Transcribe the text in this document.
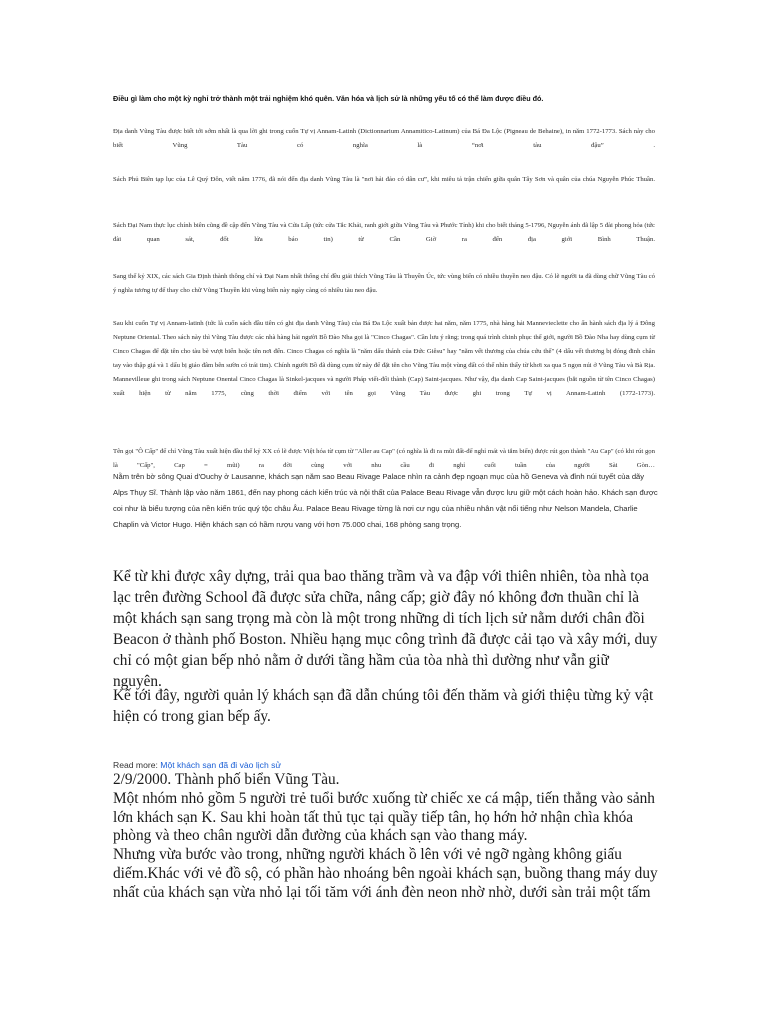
Điều gì làm cho một kỳ nghỉ trở thành một trải nghiệm khó quên. Văn hóa và lịch sử là những yếu tố có thể làm được điều đó.

Địa danh Vũng Tàu được biết tới sớm nhất là qua lời ghi trong cuốn Tự vị Annam-Latinh (Dictionnarium Annamitico-Latinum) của Bá Đa Lộc (Pigneau de Behaine), in năm 1772-1773. Sách này cho biết Vũng Tàu có nghĩa là “nơi tàu đậu” .

Sách Phủ Biên tạp lục của Lê Quý Đôn, viết năm 1776, đã nói đến địa danh Vũng Tàu là "nơi hải đảo có dân cư", khi miêu tả trận chiến giữa quân Tây Sơn và quân của chúa Nguyễn Phúc Thuần.

Sách Đại Nam thực lục chính biên cũng đề cập đến Vũng Tàu và Cửa Lấp (tức cửa Tắc Khải, ranh giới giữa Vũng Tàu và Phước Tỉnh) khi cho biết tháng 5-1796, Nguyễn ánh đã lập 5 đài phong hỏa (tức đài quan sát, đốt lửa báo tin) từ Cần Giờ ra đến địa giới Bình Thuận.

Sang thế kỷ XIX, các sách Gia Định thành thông chí và Đại Nam nhất thống chí đều giải thích Vũng Tàu là Thuyền Úc, tức vùng biển có nhiều thuyền neo đậu. Có lẽ người ta đã dùng chữ Vũng Tàu có ý nghĩa tương tự để thay cho chữ Vũng Thuyền khi vùng biển này ngày càng có nhiều tàu neo đậu.

Sau khi cuốn Tự vị Annam-latinh (tức là cuốn sách đầu tiên có ghi địa danh Vũng Tàu) của Bá Đa Lộc xuất bản được hai năm, năm 1775, nhà hàng hải Mannevieclette cho ấn hành sách địa lý ả Đông Neptune Oriental. Theo sách này thì Vũng Tàu được các nhà hàng hải người Bồ Đào Nha gọi là "Cinco Chagas". Cần lưu ý rằng; trong quá trình chinh phục thế giới, người Bồ Đào Nha hay dùng cụm từ Cinco Chagas để đặt tên cho tàu bè vượt biển hoặc tên nơi đến. Cinco Chagas có nghĩa là "năm dấu thánh của Đức Giêsu" hay "năm vết thương của chúa cứu thế" (4 dấu vết thương bị đóng đinh chân tay vào thập giá và 1 dấu bị giáo đâm bên sườn có trái tim). Chính người Bồ đã dùng cụm từ này để đặt tên cho Vũng Tàu một vùng đất có thể nhìn thấy từ khơi xa qua 5 ngọn núi ở Vũng Tàu và Bà Rịa. Mannevilleue ghi trong sách Neptune Onental Cinco Chagas là Sinkel-jacques và người Pháp viết-đổi thành (Cap) Saint-jacques. Như vậy, địa danh Cap Saint-jacques (bắt nguồn từ tên Cinco Chagas) xuất hiện từ năm 1775, cũng thời điểm với tên gọi Vũng Tàu được ghi trong Tự vị Annam-Latinh (1772-1773).

Tên gọi "Ô Cấp" để chỉ Vũng Tàu xuất hiện đầu thế kỷ XX có lẽ được Việt hóa từ cụm từ "Aller au Cap" (có nghĩa là đi ra mũi đất-để nghỉ mát và tắm biển) được rút gọn thành "Au Cap" (có khi rút gọn là "Cấp", Cap = mũi) ra đời cùng với nhu cầu đi nghỉ cuối tuần của người Sài Gòn…

Nằm trên bờ sông Quai d'Ouchy ở Lausanne, khách sạn năm sao Beau Rivage Palace nhìn ra cảnh đẹp ngoạn mục của hồ Geneva và đỉnh núi tuyết của dãy Alps Thụy Sĩ. Thành lập vào năm 1861, đến nay phong cách kiến trúc và nội thất của Palace Beau Rivage vẫn được lưu giữ một cách hoàn hảo. Khách sạn được coi như là biểu tượng của nền kiến trúc quý tộc châu Âu. Palace Beau Rivage từng là nơi cư ngụ của nhiều nhân vật nổi tiếng như Nelson Mandela, Charlie Chaplin và Victor Hugo. Hiện khách sạn có hầm rượu vang với hơn 75.000 chai, 168 phòng sang trọng.

Kể từ khi được xây dựng, trải qua bao thăng trầm và va đập với thiên nhiên, tòa nhà tọa lạc trên đường School đã được sửa chữa, nâng cấp; giờ đây nó không đơn thuần chỉ là một khách sạn sang trọng mà còn là một trong những di tích lịch sử nằm dưới chân đồi Beacon ở thành phố Boston. Nhiều hạng mục công trình đã được cải tạo và xây mới, duy chỉ có một gian bếp nhỏ nằm ở dưới tầng hầm của tòa nhà thì dường như vẫn giữ nguyên.

Kế tới đây, người quản lý khách sạn đã dẫn chúng tôi đến thăm và giới thiệu từng kỷ vật hiện có trong gian bếp ấy.

Read more: Một khách sạn đã đi vào lịch sử

2/9/2000. Thành phố biển Vũng Tàu.

Một nhóm nhỏ gồm 5 người trẻ tuổi bước xuống từ chiếc xe cá mập, tiến thẳng vào sảnh lớn khách sạn K. Sau khi hoàn tất thủ tục tại quầy tiếp tân, họ hớn hở nhận chìa khóa phòng và theo chân người dẫn đường của khách sạn vào thang máy.

Nhưng vừa bước vào trong, những người khách ồ lên với vẻ ngỡ ngàng không giấu diếm.Khác với vẻ đồ sộ, có phần hào nhoáng bên ngoài khách sạn, buồng thang máy duy nhất của khách sạn vừa nhỏ lại tối tăm với ánh đèn neon nhờ nhờ, dưới sàn trải một tấm
